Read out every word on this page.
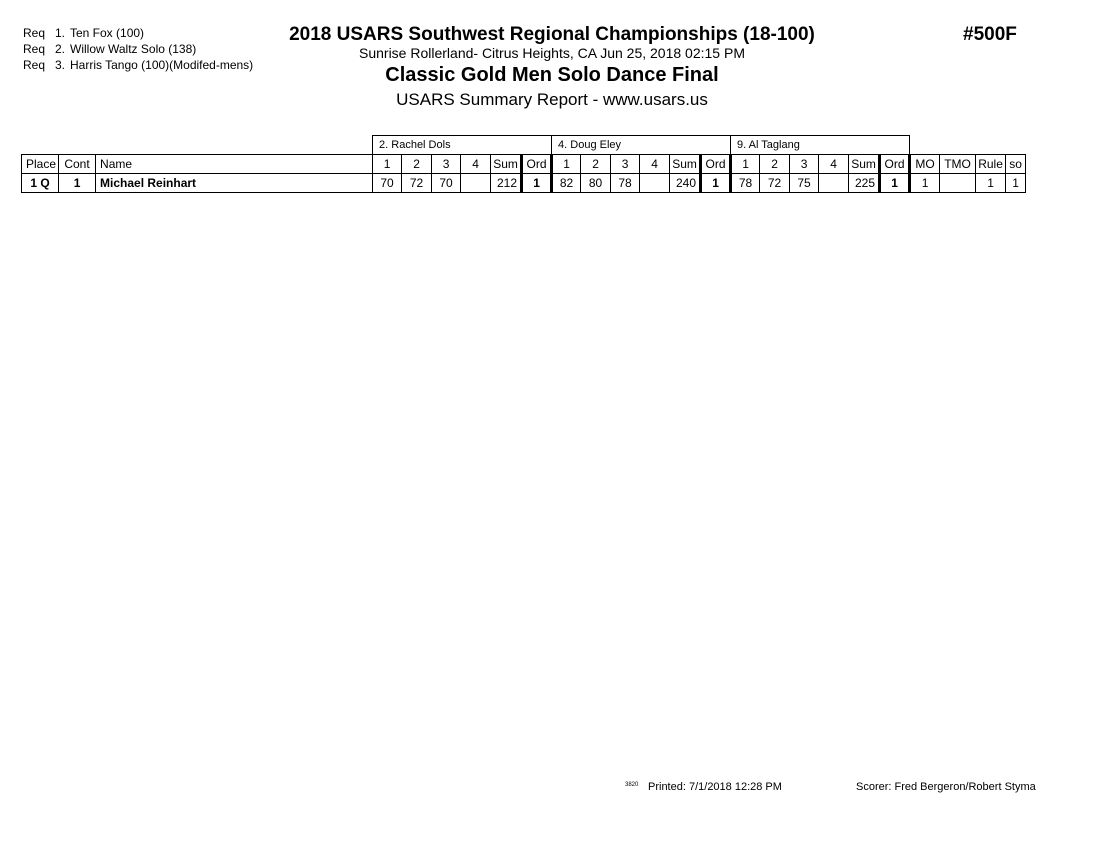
Req 1. Ten Fox (100)
Req 2. Willow Waltz Solo (138)
Req 3. Harris Tango (100)(Modifed-mens)
2018 USARS Southwest Regional Championships (18-100)
Sunrise Rollerland- Citrus Heights, CA Jun 25, 2018 02:15 PM
Classic Gold Men Solo Dance Final
USARS Summary Report - www.usars.us
#500F
			2. Rachel Dols						4. Doug Eley						9. Al Taglang									
Place	Cont	Name	1	2	3	4	Sum	Ord	1	2	3	4	Sum	Ord	1	2	3	4	Sum	Ord	MO	TMO	Rule	so
1 Q	1	Michael Reinhart	70	72	70		212	1	82	80	78		240	1	78	72	75		225	1	1		1	1
3820 Printed: 7/1/2018 12:28 PM	Scorer: Fred Bergeron/Robert Styma
